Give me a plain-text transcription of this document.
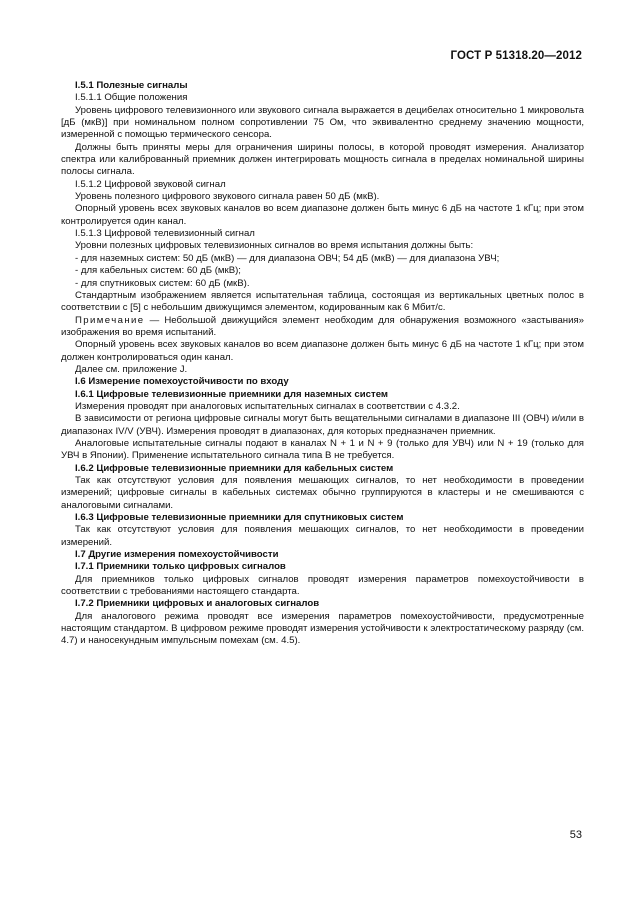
ГОСТ Р 51318.20—2012

I.5.1 Полезные сигналы

I.5.1.1 Общие положения

Уровень цифрового телевизионного или звукового сигнала выражается в децибелах относительно 1 микровольта [дБ (мкВ)] при номинальном полном сопротивлении 75 Ом, что эквивалентно среднему значению мощности, измеренной с помощью термического сенсора.

Должны быть приняты меры для ограничения ширины полосы, в которой проводят измерения. Анализатор спектра или калиброванный приемник должен интегрировать мощность сигнала в пределах номинальной ширины полосы сигнала.

I.5.1.2 Цифровой звуковой сигнал

Уровень полезного цифрового звукового сигнала равен 50 дБ (мкВ).

Опорный уровень всех звуковых каналов во всем диапазоне должен быть минус 6 дБ на частоте 1 кГц; при этом контролируется один канал.

I.5.1.3 Цифровой телевизионный сигнал

Уровни полезных цифровых телевизионных сигналов во время испытания должны быть:

- для наземных систем: 50 дБ (мкВ) — для диапазона ОВЧ; 54 дБ (мкВ) — для диапазона УВЧ;

- для кабельных систем: 60 дБ (мкВ);

- для спутниковых систем: 60 дБ (мкВ).

Стандартным изображением является испытательная таблица, состоящая из вертикальных цветных полос в соответствии с [5] с небольшим движущимся элементом, кодированным как 6 Мбит/с.

Примечание — Небольшой движущийся элемент необходим для обнаружения возможного «застывания» изображения во время испытаний.

Опорный уровень всех звуковых каналов во всем диапазоне должен быть минус 6 дБ на частоте 1 кГц; при этом должен контролироваться один канал.

Далее см. приложение J.

I.6 Измерение помехоустойчивости по входу

I.6.1 Цифровые телевизионные приемники для наземных систем

Измерения проводят при аналоговых испытательных сигналах в соответствии с 4.3.2.

В зависимости от региона цифровые сигналы могут быть вещательными сигналами в диапазоне III (ОВЧ) и/или в диапазонах IV/V (УВЧ). Измерения проводят в диапазонах, для которых предназначен приемник.

Аналоговые испытательные сигналы подают в каналах N + 1 и N + 9 (только для УВЧ) или N + 19 (только для УВЧ в Японии). Применение испытательного сигнала типа В не требуется.

I.6.2 Цифровые телевизионные приемники для кабельных систем

Так как отсутствуют условия для появления мешающих сигналов, то нет необходимости в проведении измерений; цифровые сигналы в кабельных системах обычно группируются в кластеры и не смешиваются с аналоговыми сигналами.

I.6.3 Цифровые телевизионные приемники для спутниковых систем

Так как отсутствуют условия для появления мешающих сигналов, то нет необходимости в проведении измерений.

I.7 Другие измерения помехоустойчивости

I.7.1 Приемники только цифровых сигналов

Для приемников только цифровых сигналов проводят измерения параметров помехоустойчивости в соответствии с требованиями настоящего стандарта.

I.7.2 Приемники цифровых и аналоговых сигналов

Для аналогового режима проводят все измерения параметров помехоустойчивости, предусмотренные настоящим стандартом. В цифровом режиме проводят измерения устойчивости к электростатическому разряду (см. 4.7) и наносекундным импульсным помехам (см. 4.5).

53
